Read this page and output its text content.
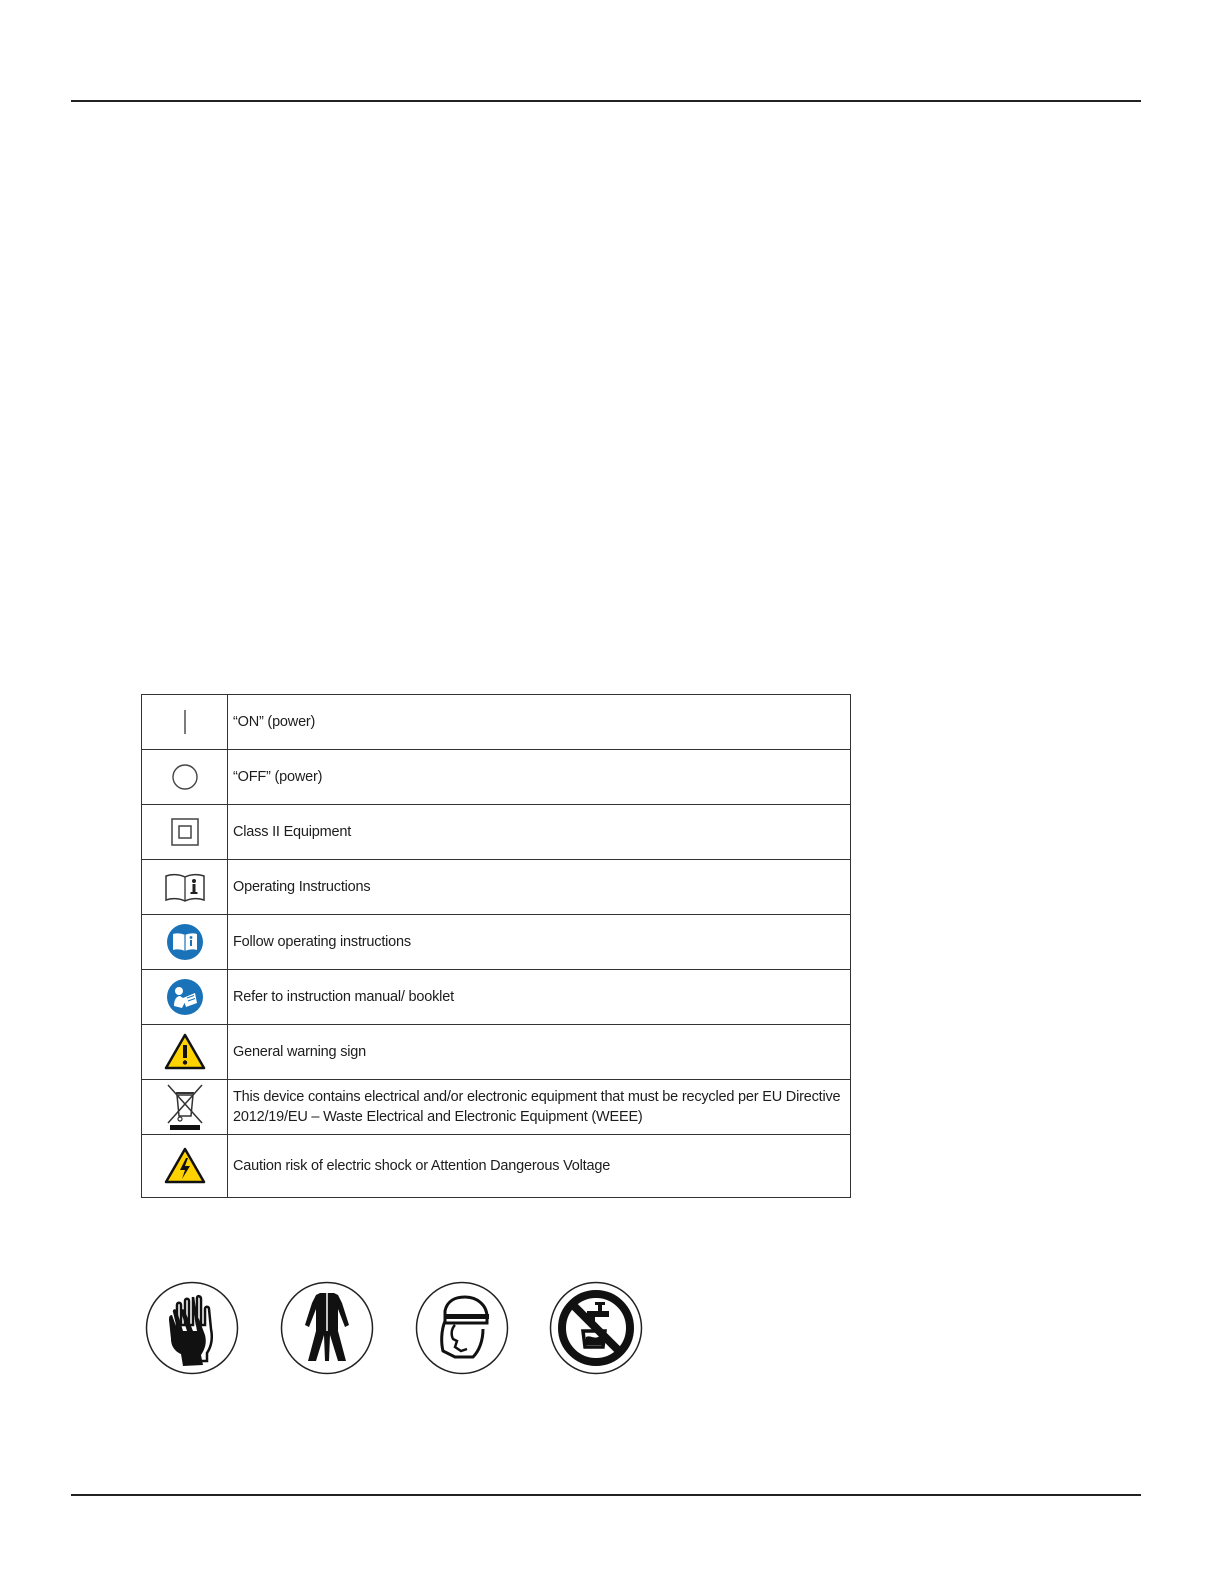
	“ON” (power)

	“OFF” (power)

	Class II Equipment

	Operating Instructions

	Follow operating instructions

	Refer to instruction manual/ booklet

	General warning sign

	This device contains electrical and/or electronic equipment that must be recycled per EU Directive 2012/19/EU – Waste Electrical and Electronic Equipment (WEEE)

	Caution risk of electric shock or Attention Dangerous Voltage
